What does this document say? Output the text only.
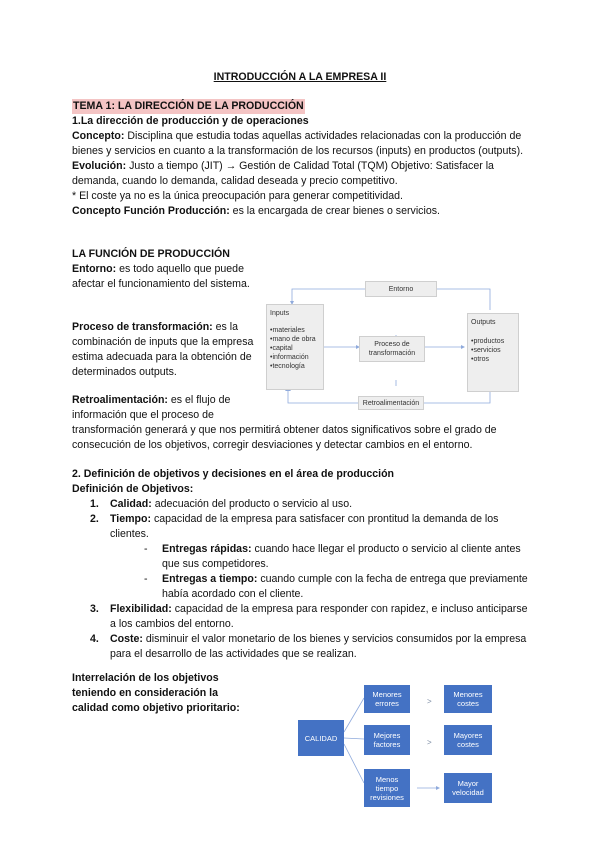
INTRODUCCIÓN A LA EMPRESA II
TEMA 1: LA DIRECCIÓN DE LA PRODUCCIÓN
1.La dirección de producción y de operaciones
Concepto: Disciplina que estudia todas aquellas actividades relacionadas con la producción de bienes y servicios en cuanto a la transformación de los recursos (inputs) en productos (outputs).
Evolución: Justo a tiempo (JIT) → Gestión de Calidad Total (TQM) Objetivo: Satisfacer la demanda, cuando lo demanda, calidad deseada y precio competitivo.
* El coste ya no es la única preocupación para generar competitividad.
Concepto Función Producción: es la encargada de crear bienes o servicios.
LA FUNCIÓN DE PRODUCCIÓN
Entorno: es todo aquello que puede afectar el funcionamiento del sistema.
Proceso de transformación: es la combinación de inputs que la empresa estima adecuada para la obtención de determinados outputs.
Retroalimentación: es el flujo de información que el proceso de
transformación generará y que nos permitirá obtener datos significativos sobre el grado de consecución de los objetivos, corregir desviaciones y detectar cambios en el entorno.
Entorno
Inputs
• materiales
• mano de obra
• capital
• información
• tecnología
Proceso de transformación
Outputs
• productos
• servicios
• otros
Retroalimentación
2. Definición de objetivos y decisiones en el área de producción
Definición de Objetivos:
1. Calidad: adecuación del producto o servicio al uso.
2. Tiempo: capacidad de la empresa para satisfacer con prontitud la demanda de los clientes.
- Entregas rápidas: cuando hace llegar el producto o servicio al cliente antes que sus competidores.
- Entregas a tiempo: cuando cumple con la fecha de entrega que previamente había acordado con el cliente.
3. Flexibilidad: capacidad de la empresa para responder con rapidez, e incluso anticiparse a los cambios del entorno.
4. Coste: disminuir el valor monetario de los bienes y servicios consumidos por la empresa para el desarrollo de las actividades que se realizan.
Interrelación de los objetivos teniendo en consideración la calidad como objetivo prioritario:
CALIDAD
Menores errores	>
Menores costes
Mejores factores	>
Mayores costes
Menos tiempo revisiones
Mayor velocidad
